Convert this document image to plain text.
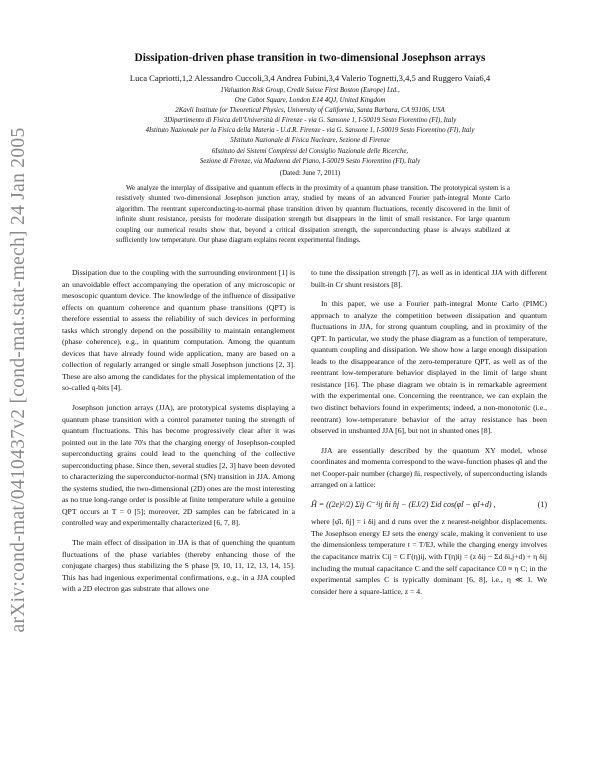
arXiv:cond-mat/0410437v2 [cond-mat.stat-mech] 24 Jan 2005
Dissipation-driven phase transition in two-dimensional Josephson arrays
Luca Capriotti,1,2 Alessandro Cuccoli,3,4 Andrea Fubini,3,4 Valerio Tognetti,3,4,5 and Ruggero Vaia6,4
1Valuation Risk Group, Credit Suisse First Boston (Europe) Ltd.,
One Cabot Square, London E14 4QJ, United Kingdom
2Kavli Institute for Theoretical Physics, University of California, Santa Barbara, CA 93106, USA
3Dipartimento di Fisica dell'Università di Firenze - via G. Sansone 1, I-50019 Sesto Fiorentino (FI), Italy
4Istituto Nazionale per la Fisica della Materia - U.d.R. Firenze - via G. Sansone 1, I-50019 Sesto Fiorentino (FI), Italy
5Istituto Nazionale di Fisica Nucleare, Sezione di Firenze
6Istituto dei Sistemi Complessi del Consiglio Nazionale delle Ricerche,
Sezione di Firenze, via Madonna del Piano, I-50019 Sesto Fiorentino (FI), Italy
(Dated: June 7, 2011)
We analyze the interplay of dissipative and quantum effects in the proximity of a quantum phase transition. The prototypical system is a resistively shunted two-dimensional Josephson junction array, studied by means of an advanced Fourier path-integral Monte Carlo algorithm. The reentrant superconducting-to-normal phase transition driven by quantum fluctuations, recently discovered in the limit of infinite shunt resistance, persists for moderate dissipation strength but disappears in the limit of small resistance. For large quantum coupling our numerical results show that, beyond a critical dissipation strength, the superconducting phase is always stabilized at sufficiently low temperature. Our phase diagram explains recent experimental findings.

Dissipation due to the coupling with the surrounding environment [1] is an unavoidable effect accompanying the operation of any microscopic or mesoscopic quantum device. The knowledge of the influence of dissipative effects on quantum coherence and quantum phase transitions (QPT) is therefore essential to assess the reliability of such devices in performing tasks which strongly depend on the possibility to maintain entanglement (phase coherence), e.g., in quantum computation. Among the quantum devices that have already found wide application, many are based on a collection of regularly arranged or single small Josephson junctions [2, 3]. These are also among the candidates for the physical implementation of the so-called q-bits [4].

Josephson junction arrays (JJA), are prototypical systems displaying a quantum phase transition with a control parameter tuning the strength of quantum fluctuations. This has become progressively clear after it was pointed out in the late 70's that the charging energy of Josephson-coupled superconducting grains could lead to the quenching of the collective superconducting phase. Since then, several studies [2, 3] have been devoted to characterizing the superconductor-normal (SN) transition in JJA. Among the systems studied, the two-dimensional (2D) ones are the most interesting as no true long-range order is possible at finite temperature while a genuine QPT occurs at T = 0 [5]; moreover, 2D samples can be fabricated in a controlled way and experimentally characterized [6, 7, 8].

The main effect of dissipation in JJA is that of quenching the quantum fluctuations of the phase variables (thereby enhancing those of the conjugate charges) thus stabilizing the S phase [9, 10, 11, 12, 13, 14, 15]. This has had ingenious experimental confirmations, e.g., in a JJA coupled with a 2D electron gas substrate that allows one

to tune the dissipation strength [7], as well as in identical JJA with different built-in Cr shunt resistors [8].

In this paper, we use a Fourier path-integral Monte Carlo (PIMC) approach to analyze the competition between dissipation and quantum fluctuations in JJA, for strong quantum coupling, and in proximity of the QPT. In particular, we study the phase diagram as a function of temperature, quantum coupling and dissipation. We show how a large enough dissipation leads to the disappearance of the zero-temperature QPT, as well as of the reentrant low-temperature behavior displayed in the limit of large shunt resistance [16]. The phase diagram we obtain is in remarkable agreement with the experimental one. Concerning the reentrance, we can explain the two distinct behaviors found in experiments; indeed, a non-monotonic (i.e., reentrant) low-temperature behavior of the array resistance has been observed in unshunted JJA [6], but not in shunted ones [8].

JJA are essentially described by the quantum XY model, whose coordinates and momenta correspond to the wave-function phases φ̂i and the net Cooper-pair number (charge) n̂i, respectively, of superconducting islands arranged on a lattice:

Ĥ = ((2e)²/2) Σij C⁻¹ij n̂i n̂j − (EJ/2) Σid cos(φ̂i − φ̂i+d) ,	(1)

where [φ̂i, n̂j] = i δij and d runs over the z nearest-neighbor displacements. The Josephson energy EJ sets the energy scale, making it convenient to use the dimensionless temperature t = T/EJ, while the charging energy involves the capacitance matrix Cij = C Γ(η)ij, with Γ(η)ij = (z δij − Σd δi,j+d) + η δij including the mutual capacitance C and the self capacitance C0 ≡ η C; in the experimental samples C is typically dominant [6, 8], i.e., η ≪ 1. We consider here a square-lattice, z = 4.
